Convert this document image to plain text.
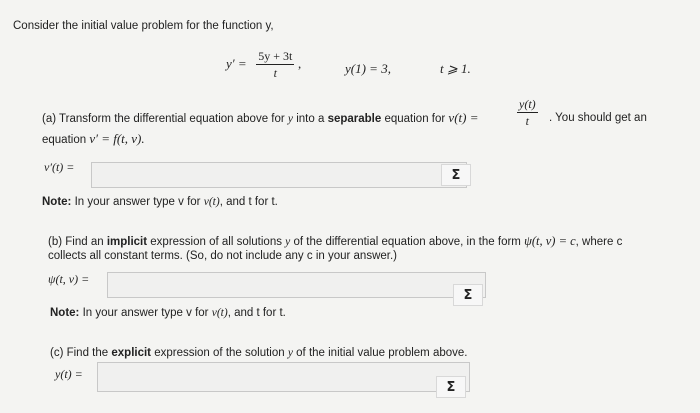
Consider the initial value problem for the function y,
$y' = \frac{5y + 3t}{t}$ ,	y(1) = 3,	t ⩾ 1.
(a) Transform the differential equation above for y into a separable equation for v(t) =	$\frac{y(t)}{t}$ . You should get an
equation v′ = f(t, v).
v′(t) =
Σ
Note: In your answer type v for v(t), and t for t.
(b) Find an implicit expression of all solutions y of the differential equation above, in the form ψ(t, v) = c, where c
collects all constant terms. (So, do not include any c in your answer.)
ψ(t, v) =
Σ
Note: In your answer type v for v(t), and t for t.
(c) Find the explicit expression of the solution y of the initial value problem above.
y(t) =
Σ
